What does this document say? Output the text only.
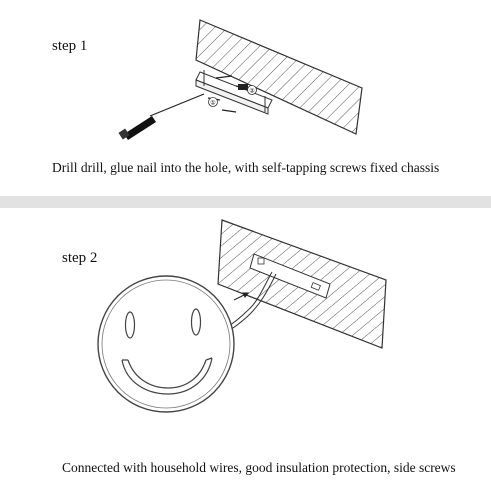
step 1
①
②
Drill drill, glue nail into the hole, with self-tapping screws fixed chassis
step 2
Connected with household wires, good insulation protection, side screws
